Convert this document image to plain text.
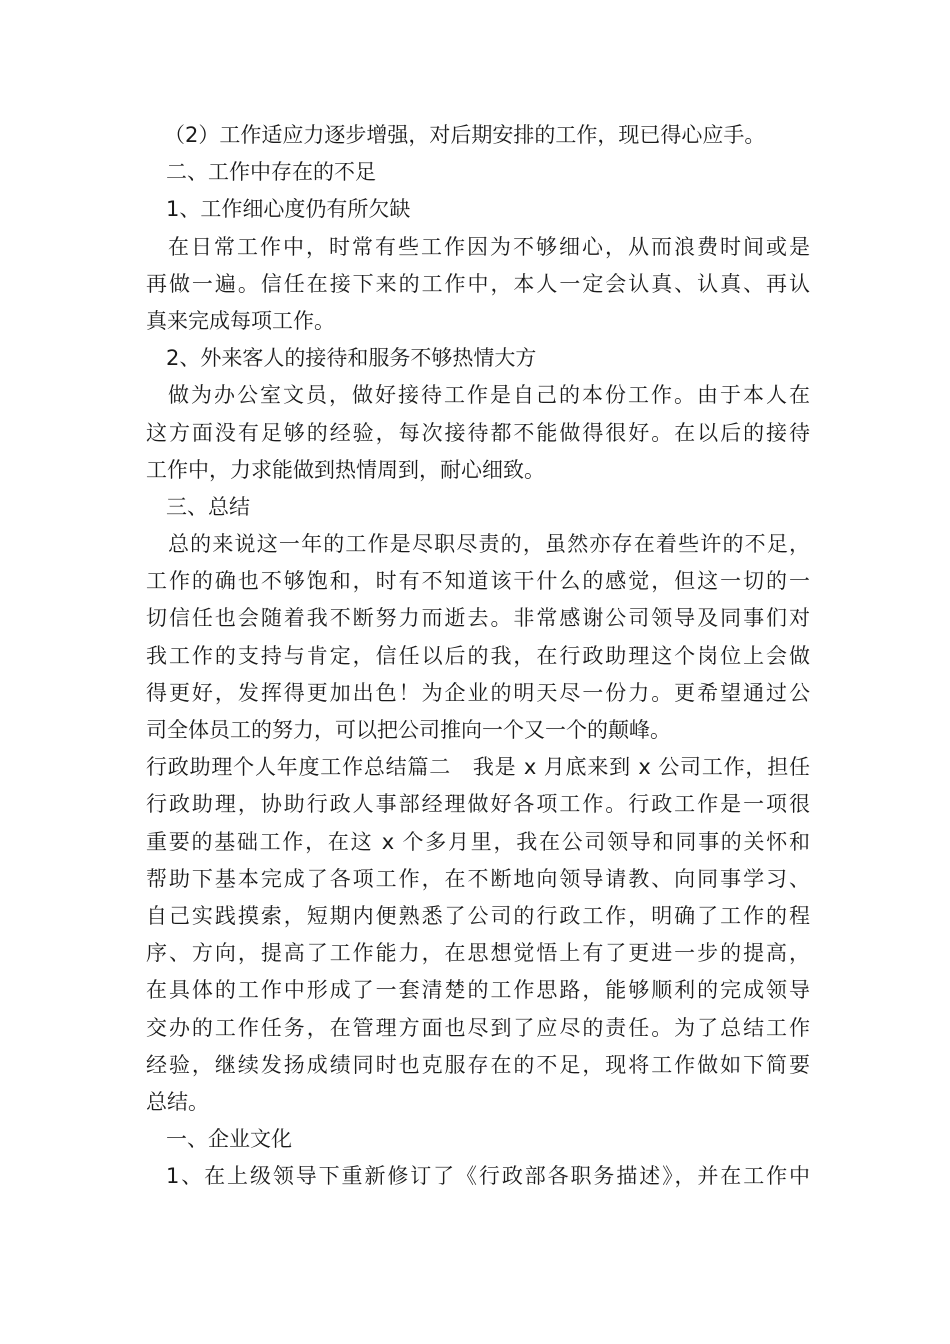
（2）工作适应力逐步增强，对后期安排的工作，现已得心应手。
二、工作中存在的不足
1、工作细心度仍有所欠缺
在日常工作中，时常有些工作因为不够细心，从而浪费时间或是
再做一遍。信任在接下来的工作中，本人一定会认真、认真、再认
真来完成每项工作。
2、外来客人的接待和服务不够热情大方
做为办公室文员，做好接待工作是自己的本份工作。由于本人在
这方面没有足够的经验，每次接待都不能做得很好。在以后的接待
工作中，力求能做到热情周到，耐心细致。
三、总结
总的来说这一年的工作是尽职尽责的，虽然亦存在着些许的不足，
工作的确也不够饱和，时有不知道该干什么的感觉，但这一切的一
切信任也会随着我不断努力而逝去。非常感谢公司领导及同事们对
我工作的支持与肯定，信任以后的我，在行政助理这个岗位上会做
得更好，发挥得更加出色！为企业的明天尽一份力。更希望通过公
司全体员工的努力，可以把公司推向一个又一个的颠峰。
行政助理个人年度工作总结篇二　我是 x 月底来到 x 公司工作，担任
行政助理，协助行政人事部经理做好各项工作。行政工作是一项很
重要的基础工作，在这 x 个多月里，我在公司领导和同事的关怀和
帮助下基本完成了各项工作，在不断地向领导请教、向同事学习、
自己实践摸索，短期内便熟悉了公司的行政工作，明确了工作的程
序、方向，提高了工作能力，在思想觉悟上有了更进一步的提高，
在具体的工作中形成了一套清楚的工作思路，能够顺利的完成领导
交办的工作任务，在管理方面也尽到了应尽的责任。为了总结工作
经验，继续发扬成绩同时也克服存在的不足，现将工作做如下简要
总结。
一、企业文化
1、在上级领导下重新修订了《行政部各职务描述》，并在工作中
